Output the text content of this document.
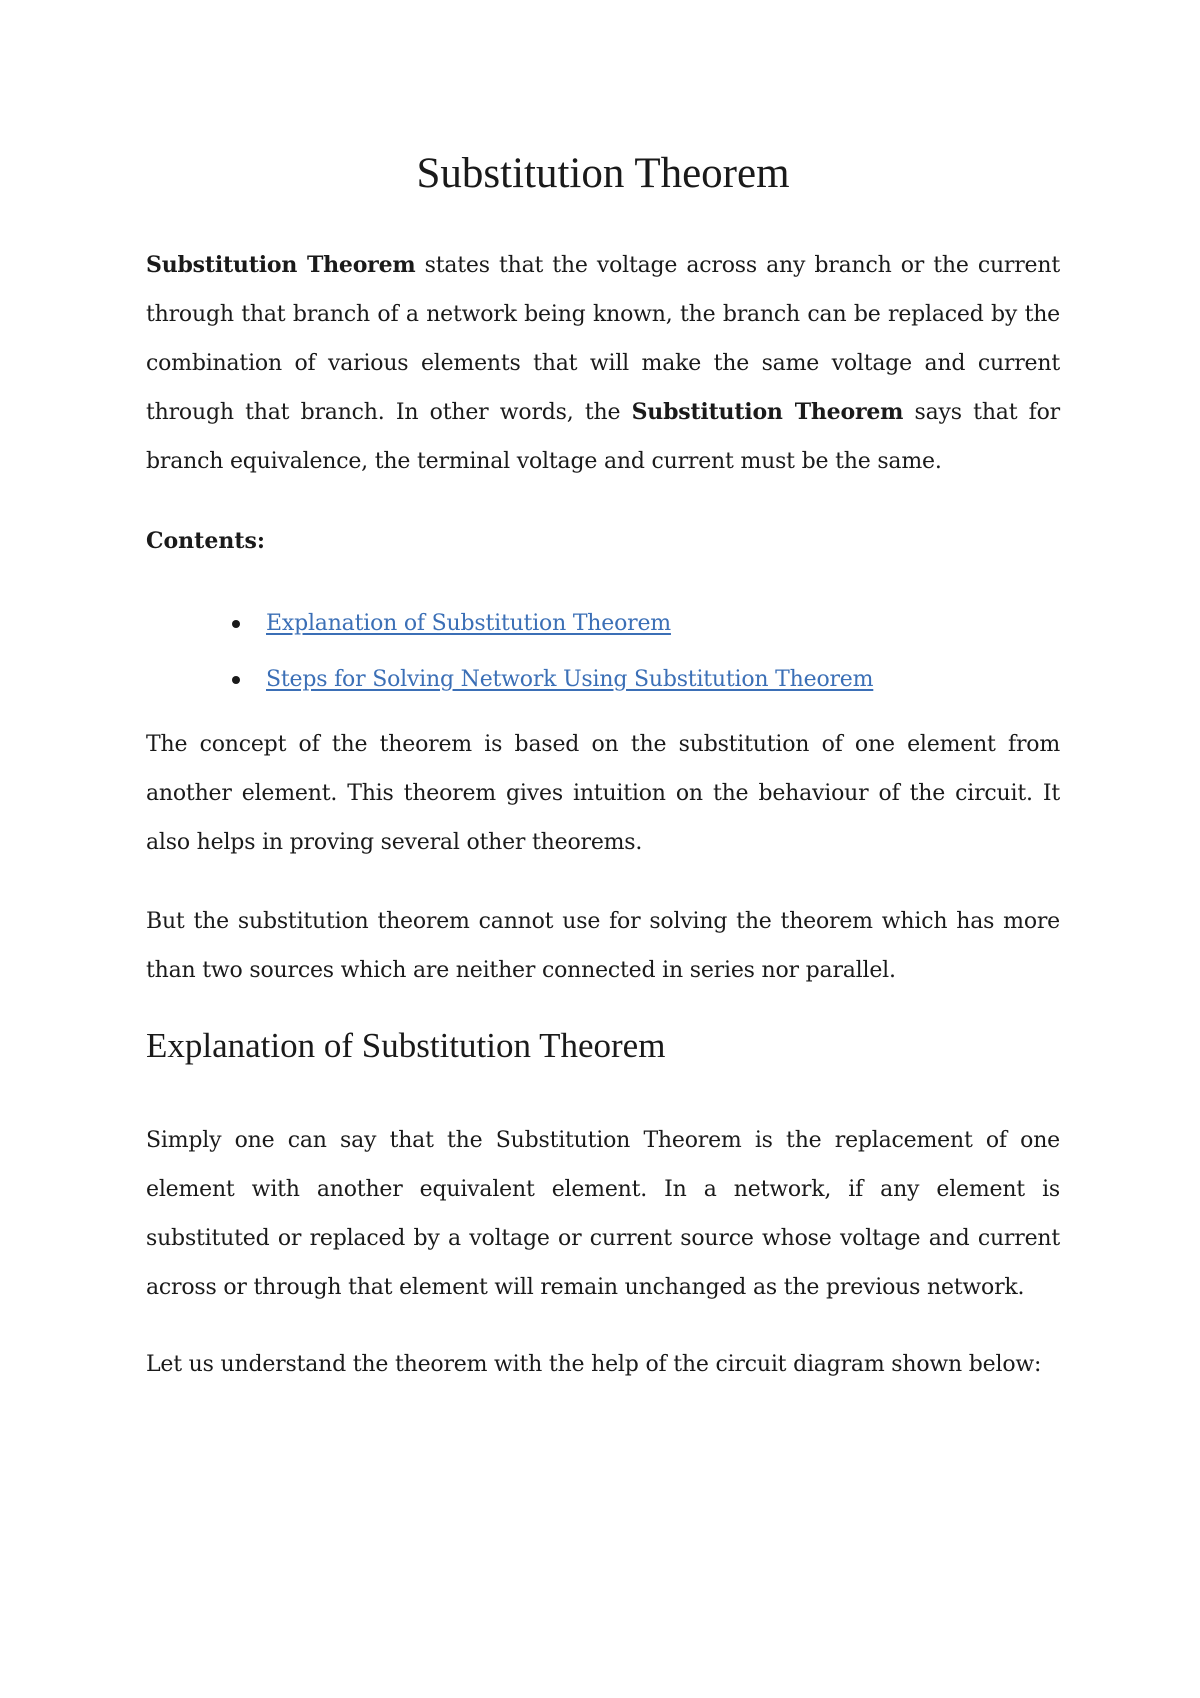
Substitution Theorem

Substitution Theorem states that the voltage across any branch or the current through that branch of a network being known, the branch can be replaced by the combination of various elements that will make the same voltage and current through that branch. In other words, the Substitution Theorem says that for branch equivalence, the terminal voltage and current must be the same.

Contents:

Explanation of Substitution Theorem
Steps for Solving Network Using Substitution Theorem

The concept of the theorem is based on the substitution of one element from another element. This theorem gives intuition on the behaviour of the circuit. It also helps in proving several other theorems.

But the substitution theorem cannot use for solving the theorem which has more than two sources which are neither connected in series nor parallel.

Explanation of Substitution Theorem

Simply one can say that the Substitution Theorem is the replacement of one element with another equivalent element. In a network, if any element is substituted or replaced by a voltage or current source whose voltage and current across or through that element will remain unchanged as the previous network.

Let us understand the theorem with the help of the circuit diagram shown below:
